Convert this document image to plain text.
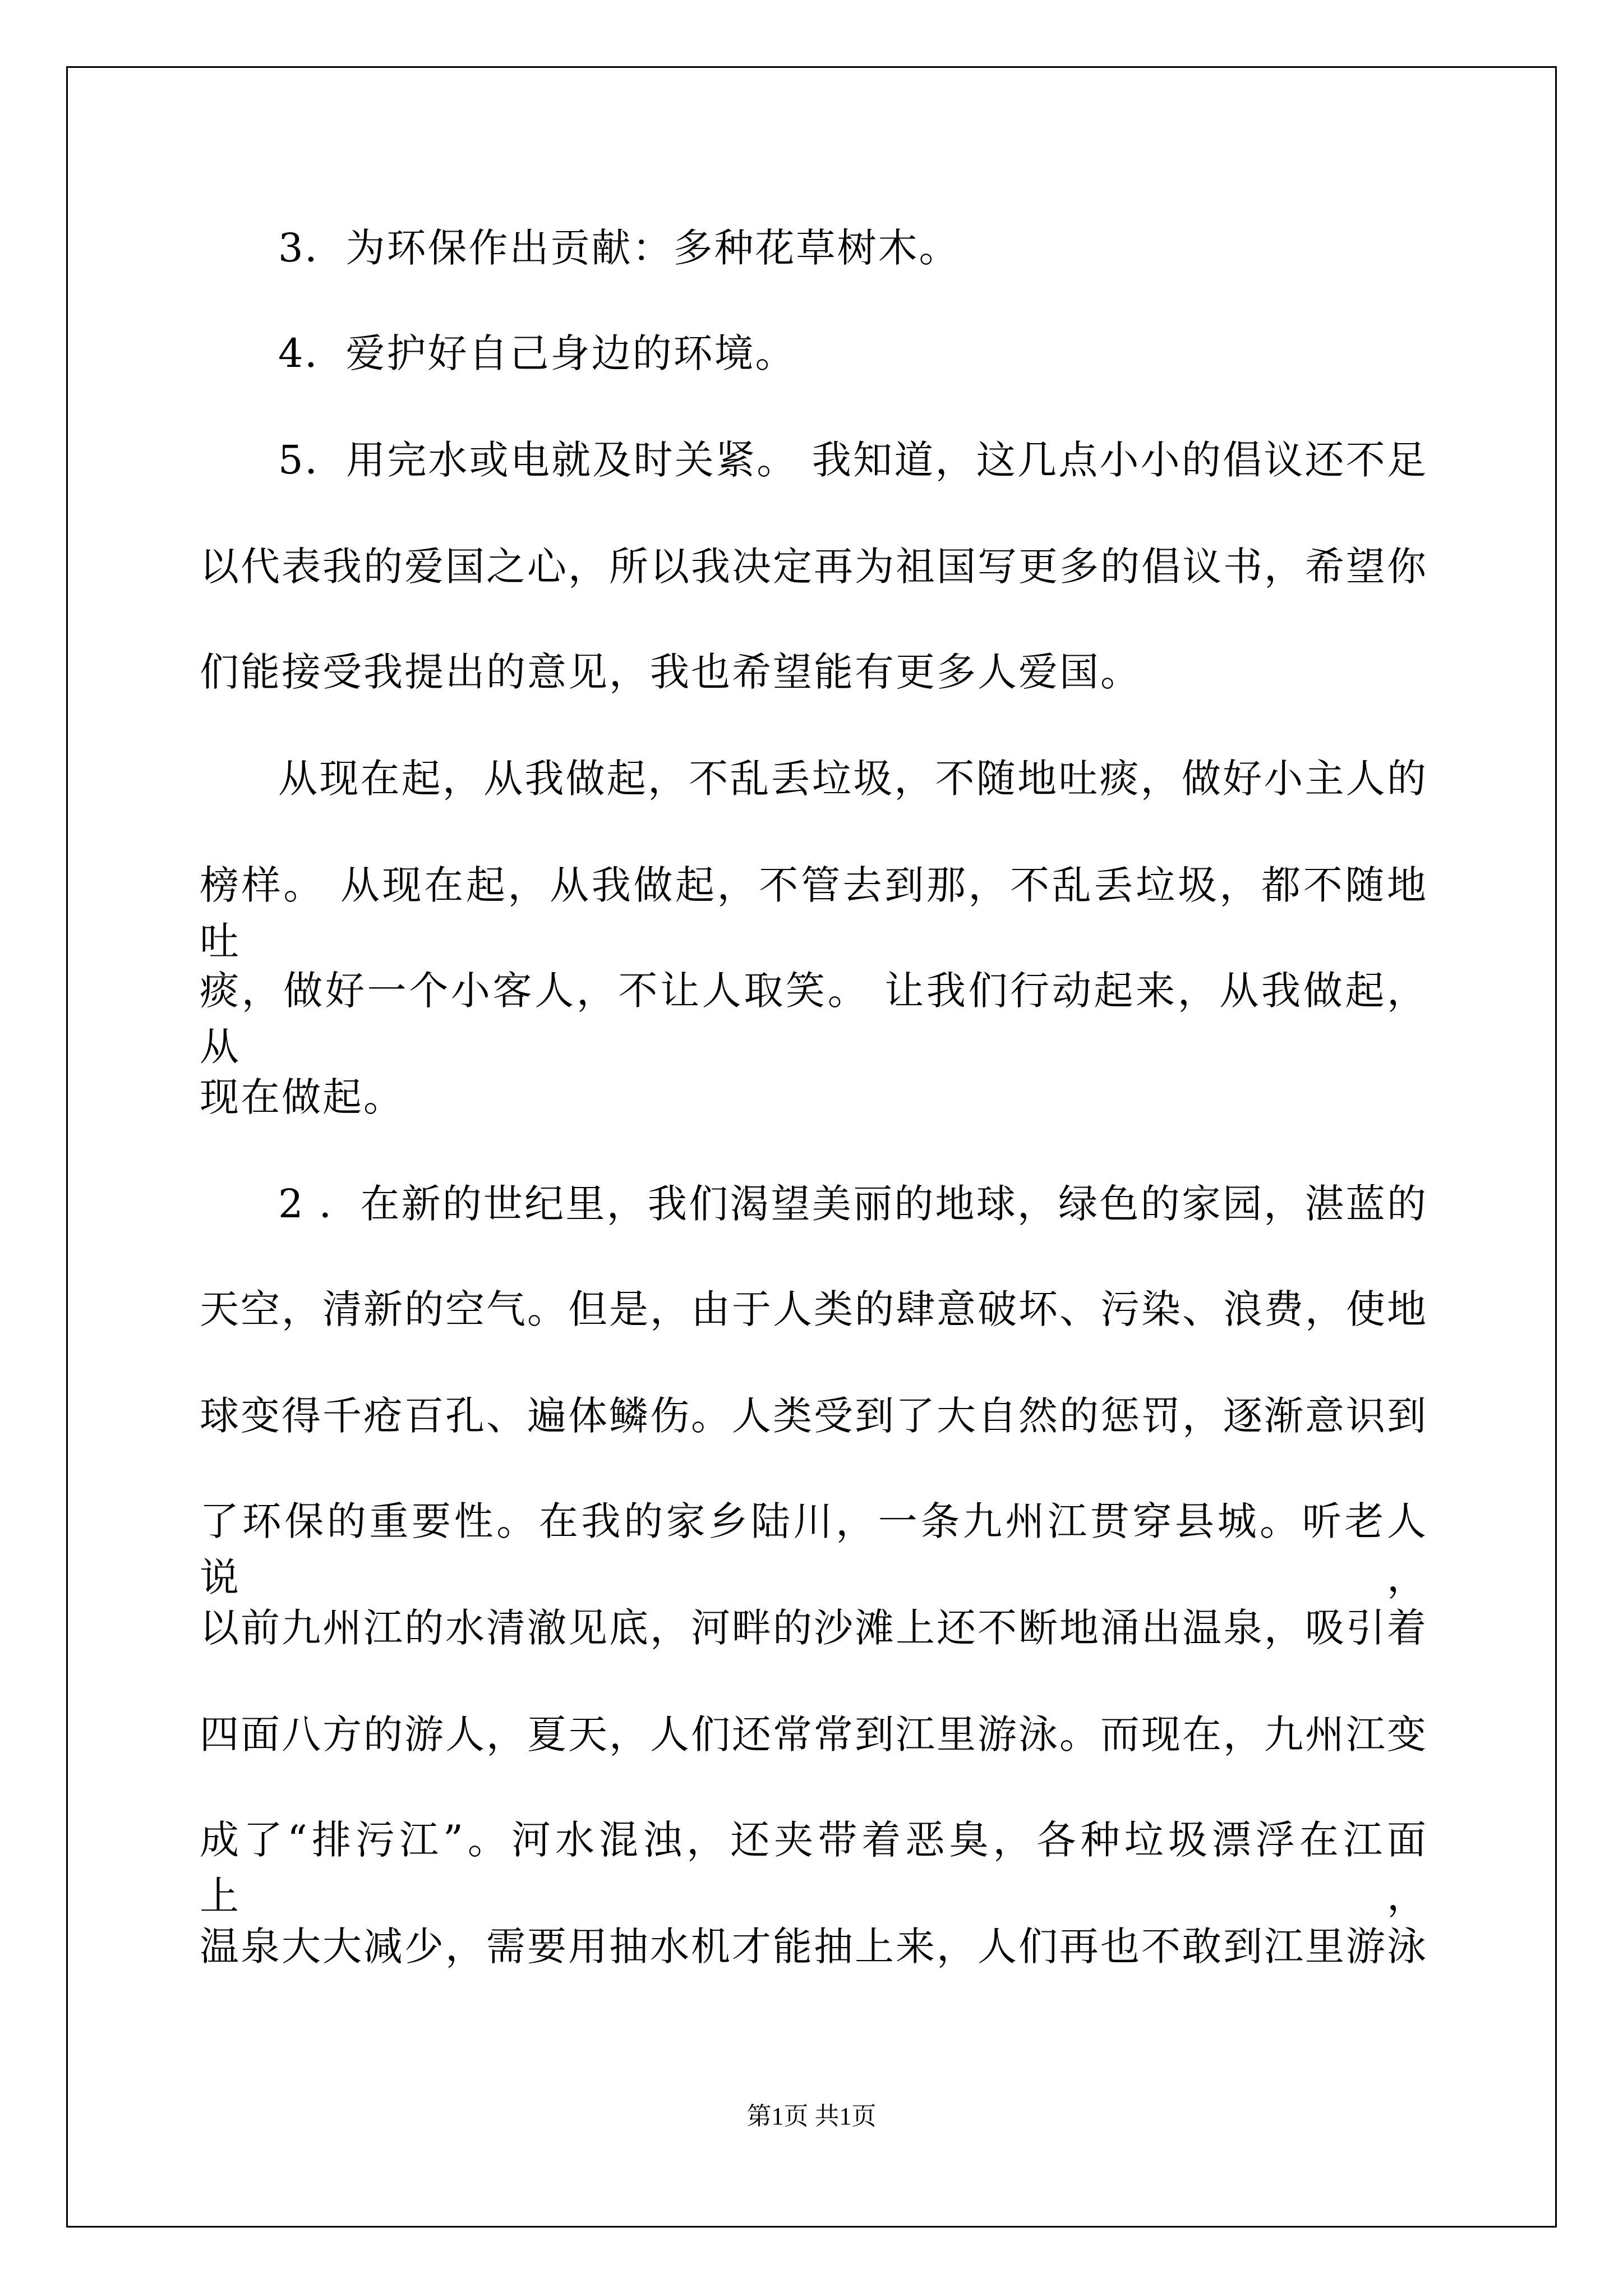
3．为环保作出贡献：多种花草树木。
4．爱护好自己身边的环境。
5．用完水或电就及时关紧。 我知道，这几点小小的倡议还不足
以代表我的爱国之心，所以我决定再为祖国写更多的倡议书，希望你
们能接受我提出的意见，我也希望能有更多人爱国。
从现在起，从我做起，不乱丢垃圾，不随地吐痰，做好小主人的
榜样。 从现在起，从我做起，不管去到那，不乱丢垃圾，都不随地吐
痰，做好一个小客人，不让人取笑。 让我们行动起来，从我做起，从
现在做起。
2 ．在新的世纪里，我们渴望美丽的地球，绿色的家园，湛蓝的
天空，清新的空气。但是，由于人类的肆意破坏、污染、浪费，使地
球变得千疮百孔、遍体鳞伤。人类受到了大自然的惩罚，逐渐意识到
了环保的重要性。在我的家乡陆川，一条九州江贯穿县城。听老人说，
以前九州江的水清澈见底，河畔的沙滩上还不断地涌出温泉，吸引着
四面八方的游人，夏天，人们还常常到江里游泳。而现在，九州江变
成了“排污江”。河水混浊，还夹带着恶臭，各种垃圾漂浮在江面上，
温泉大大减少，需要用抽水机才能抽上来，人们再也不敢到江里游泳
第1页 共1页
